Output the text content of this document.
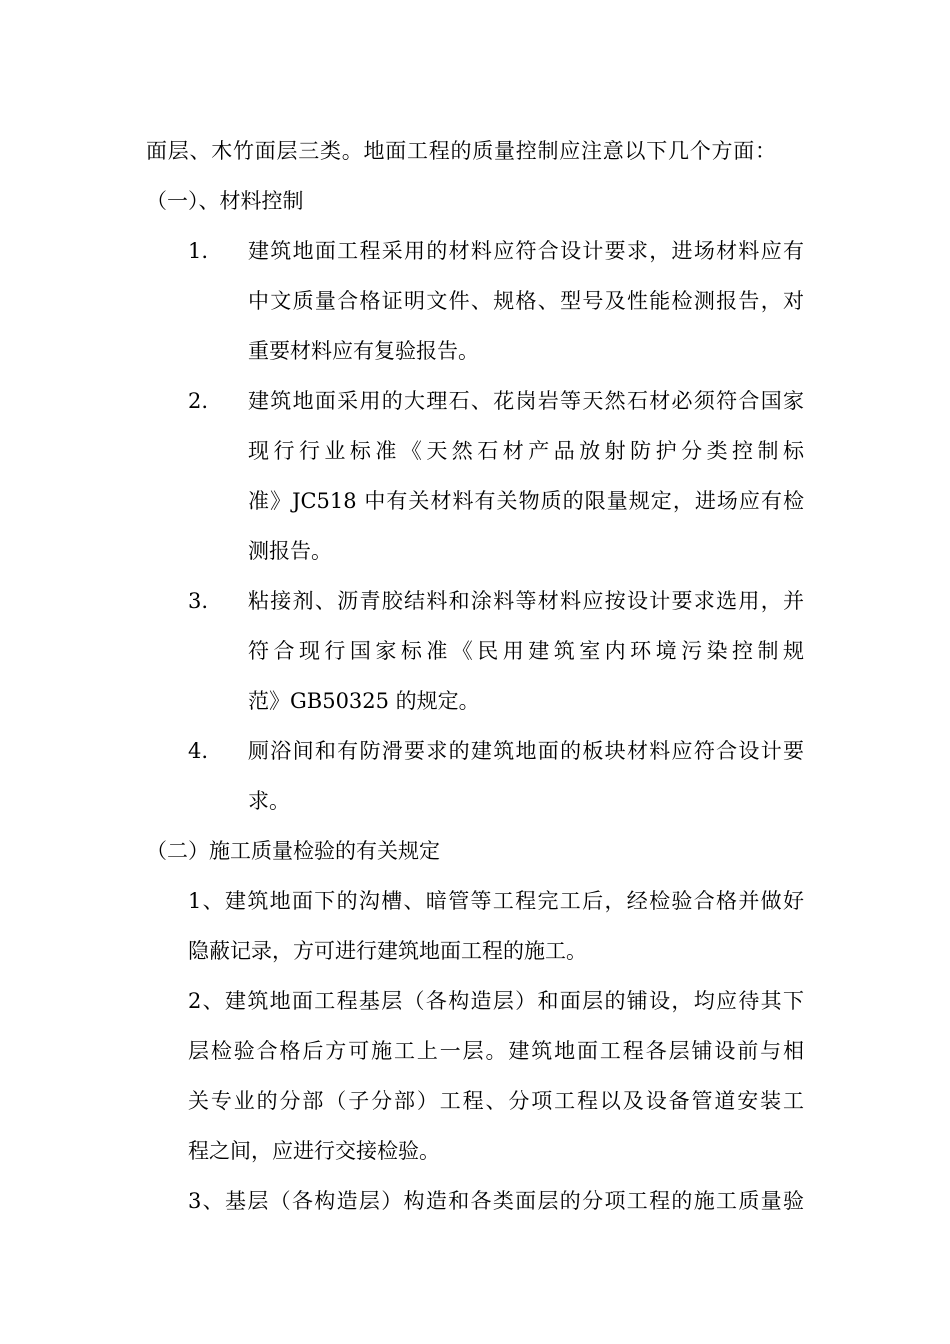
面层、木竹面层三类。地面工程的质量控制应注意以下几个方面：
（一）、材料控制
1. 建筑地面工程采用的材料应符合设计要求，进场材料应有
中文质量合格证明文件、规格、型号及性能检测报告，对
重要材料应有复验报告。
2. 建筑地面采用的大理石、花岗岩等天然石材必须符合国家
现行行业标准《天然石材产品放射防护分类控制标
准》JC518 中有关材料有关物质的限量规定，进场应有检
测报告。
3. 粘接剂、沥青胶结料和涂料等材料应按设计要求选用，并
符合现行国家标准《民用建筑室内环境污染控制规
范》GB50325 的规定。
4. 厕浴间和有防滑要求的建筑地面的板块材料应符合设计要
求。
（二）施工质量检验的有关规定
1、建筑地面下的沟槽、暗管等工程完工后，经检验合格并做好
隐蔽记录，方可进行建筑地面工程的施工。
2、建筑地面工程基层（各构造层）和面层的铺设，均应待其下
层检验合格后方可施工上一层。建筑地面工程各层铺设前与相
关专业的分部（子分部）工程、分项工程以及设备管道安装工
程之间，应进行交接检验。
3、基层（各构造层）构造和各类面层的分项工程的施工质量验
